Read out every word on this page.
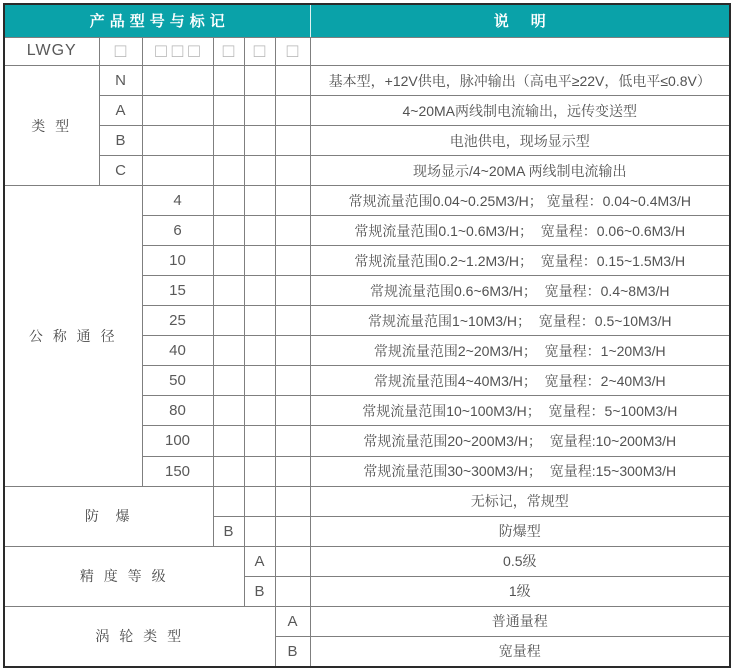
产品型号与标记						说明
LWGY	□	□□□	□	□	□	
类 型	N					基本型，+12V供电，脉冲输出（高电平≥22V，低电平≤0.8V）
	A					4~20MA两线制电流输出，远传变送型
	B					电池供电，现场显示型
	C					现场显示/4~20MA 两线制电流输出
公 称 通 径		4				常规流量范围0.04~0.25M3/H； 宽量程：0.04~0.4M3/H
		6				常规流量范围0.1~0.6M3/H；  宽量程：0.06~0.6M3/H
		10				常规流量范围0.2~1.2M3/H；  宽量程：0.15~1.5M3/H
		15				常规流量范围0.6~6M3/H；  宽量程：0.4~8M3/H
		25				常规流量范围1~10M3/H；  宽量程：0.5~10M3/H
		40				常规流量范围2~20M3/H；  宽量程：1~20M3/H
		50				常规流量范围4~40M3/H；  宽量程：2~40M3/H
		80				常规流量范围10~100M3/H；  宽量程：5~100M3/H
		100				常规流量范围20~200M3/H；  宽量程:10~200M3/H
		150				常规流量范围30~300M3/H；  宽量程:15~300M3/H
防  爆						无标记，常规型
			B			防爆型
精 度 等 级				A		0.5级
				B		1级
涡 轮 类 型					A	普通量程
					B	宽量程
